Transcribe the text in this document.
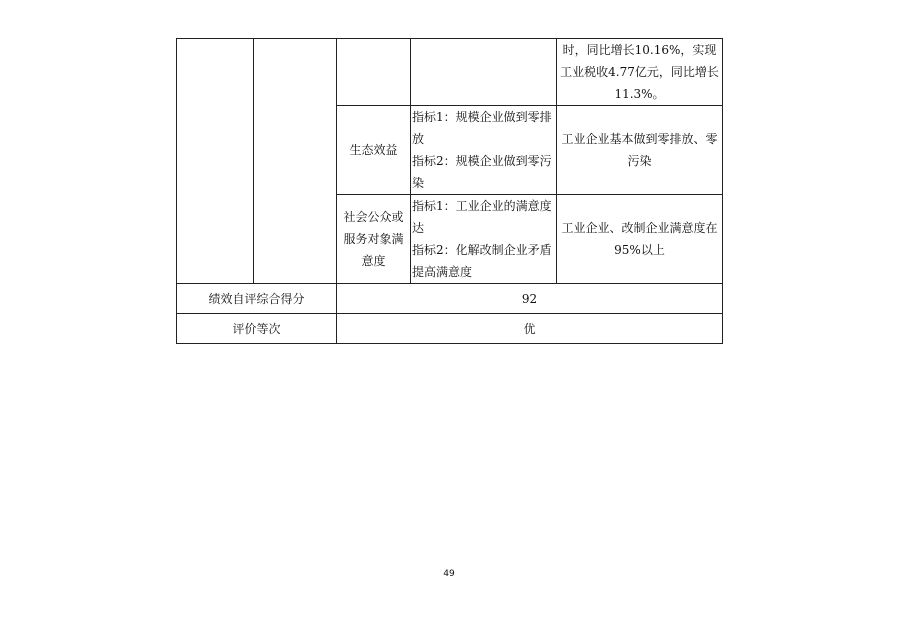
				时，同比增长10.16%，实现工业税收4.77亿元，同比增长11.3%。
		生态效益	指标1：规模企业做到零排放
指标2：规模企业做到零污染	工业企业基本做到零排放、零污染
		社会公众或服务对象满意度	指标1：工业企业的满意度达
指标2：化解改制企业矛盾提高满意度	工业企业、改制企业满意度在95%以上
绩效自评综合得分		92		
评价等次		优		
49
